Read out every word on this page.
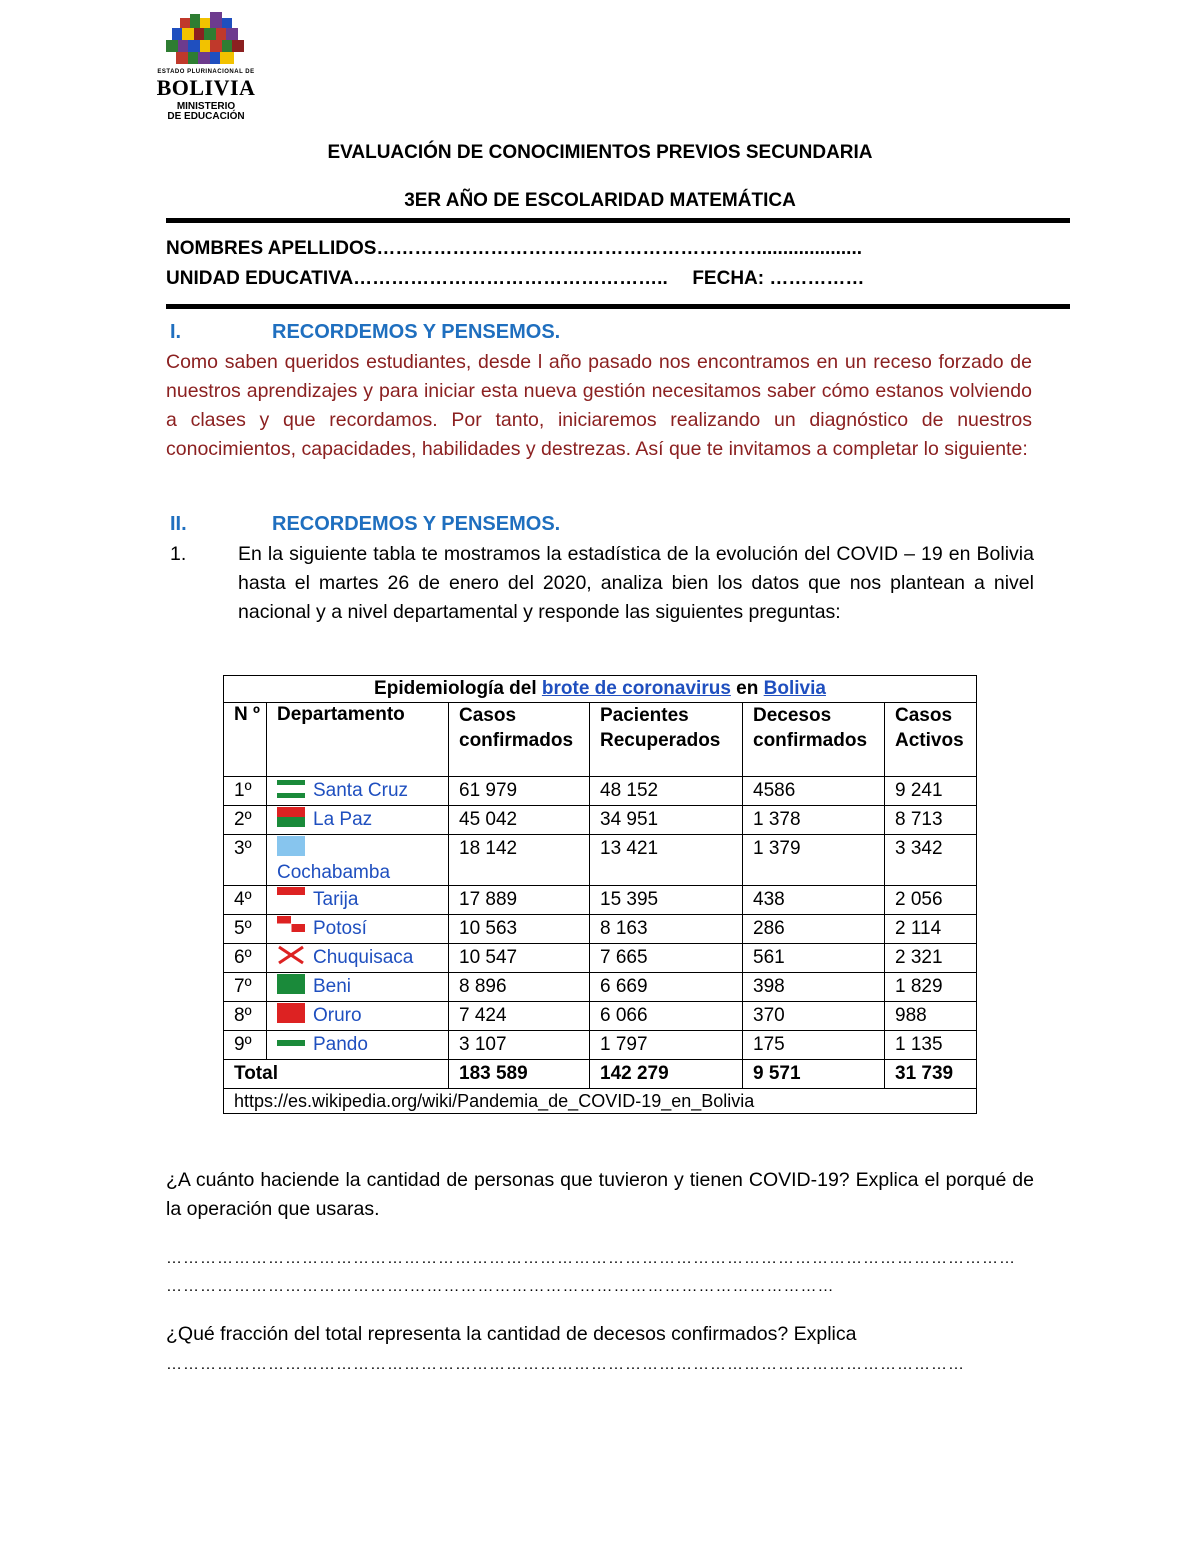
ESTADO PLURINACIONAL DE
BOLIVIA
MINISTERIO
DE EDUCACIÓN
EVALUACIÓN DE CONOCIMIENTOS PREVIOS SECUNDARIA
3ER AÑO DE ESCOLARIDAD MATEMÁTICA
NOMBRES APELLIDOS……………………………………………………....................
UNIDAD EDUCATIVA………………………………………….. FECHA: ……………
I.	RECORDEMOS Y PENSEMOS.
Como saben queridos estudiantes, desde l año pasado nos encontramos en un receso forzado de nuestros aprendizajes y para iniciar esta nueva gestión necesitamos saber cómo estanos volviendo a clases y que recordamos. Por tanto, iniciaremos realizando un diagnóstico de nuestros conocimientos, capacidades, habilidades y destrezas. Así que te invitamos a completar lo siguiente:
II.	RECORDEMOS Y PENSEMOS.
1.	En la siguiente tabla te mostramos la estadística de la evolución del COVID – 19 en Bolivia hasta el martes 26 de enero del 2020, analiza bien los datos que nos plantean a nivel nacional y a nivel departamental y responde las siguientes preguntas:
Epidemiología del brote de coronavirus en Bolivia					
N º	Departamento	Casos confirmados	Pacientes Recuperados	Decesos confirmados	Casos Activos
1º	Santa Cruz	61 979	48 152	4586	9 241
2º	La Paz	45 042	34 951	1 378	8 713
3º	Cochabamba	18 142	13 421	1 379	3 342
4º	Tarija	17 889	15 395	438	2 056
5º	Potosí	10 563	8 163	286	2 114
6º	Chuquisaca	10 547	7 665	561	2 321
7º	Beni	8 896	6 669	398	1 829
8º	Oruro	7 424	6 066	370	988
9º	Pando	3 107	1 797	175	1 135
Total		183 589	142 279	9 571	31 739
https://es.wikipedia.org/wiki/Pandemia_de_COVID-19_en_Bolivia					
¿A cuánto haciende la cantidad de personas que tuvieron y tienen COVID-19? Explica el porqué de la operación que usaras.
……………………………………………………………………………………………………………………………………
…………………………………….…………………………………………………………………
¿Qué fracción del total representa la cantidad de decesos confirmados? Explica
……………………………………………………………………………………………………………………………
